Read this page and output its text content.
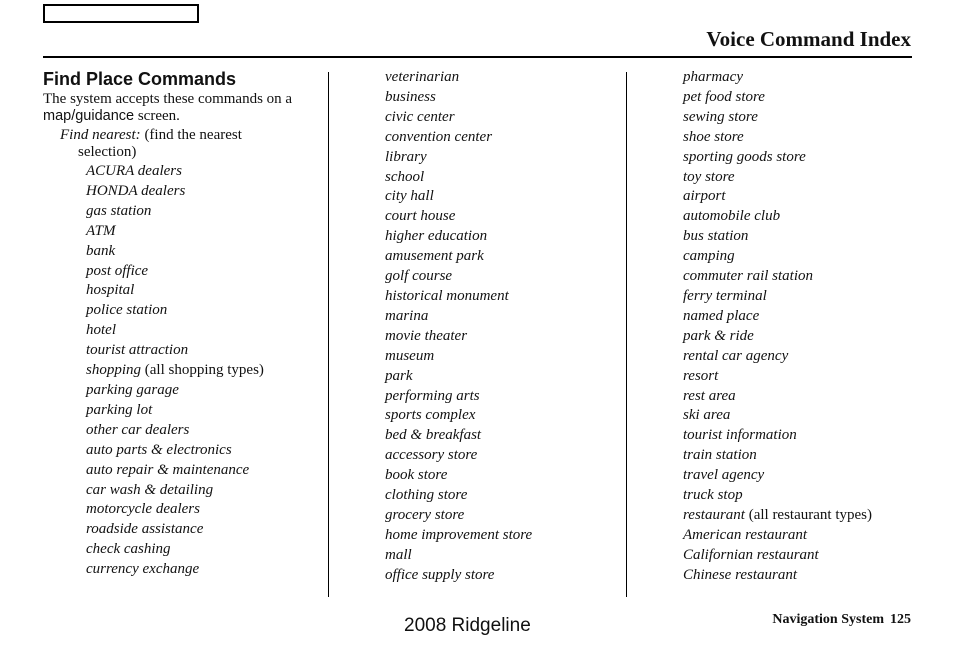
Voice Command Index
Find Place Commands
The system accepts these commands on a map/guidance screen.
Find nearest: (find the nearest
selection)
ACURA dealers
HONDA dealers
gas station
ATM
bank
post office
hospital
police station
hotel
tourist attraction
shopping (all shopping types)
parking garage
parking lot
other car dealers
auto parts & electronics
auto repair & maintenance
car wash & detailing
motorcycle dealers
roadside assistance
check cashing
currency exchange
veterinarian
business
civic center
convention center
library
school
city hall
court house
higher education
amusement park
golf course
historical monument
marina
movie theater
museum
park
performing arts
sports complex
bed & breakfast
accessory store
book store
clothing store
grocery store
home improvement store
mall
office supply store
pharmacy
pet food store
sewing store
shoe store
sporting goods store
toy store
airport
automobile club
bus station
camping
commuter rail station
ferry terminal
named place
park & ride
rental car agency
resort
rest area
ski area
tourist information
train station
travel agency
truck stop
restaurant (all restaurant types)
American restaurant
Californian restaurant
Chinese restaurant
2008 Ridgeline	Navigation System 125
